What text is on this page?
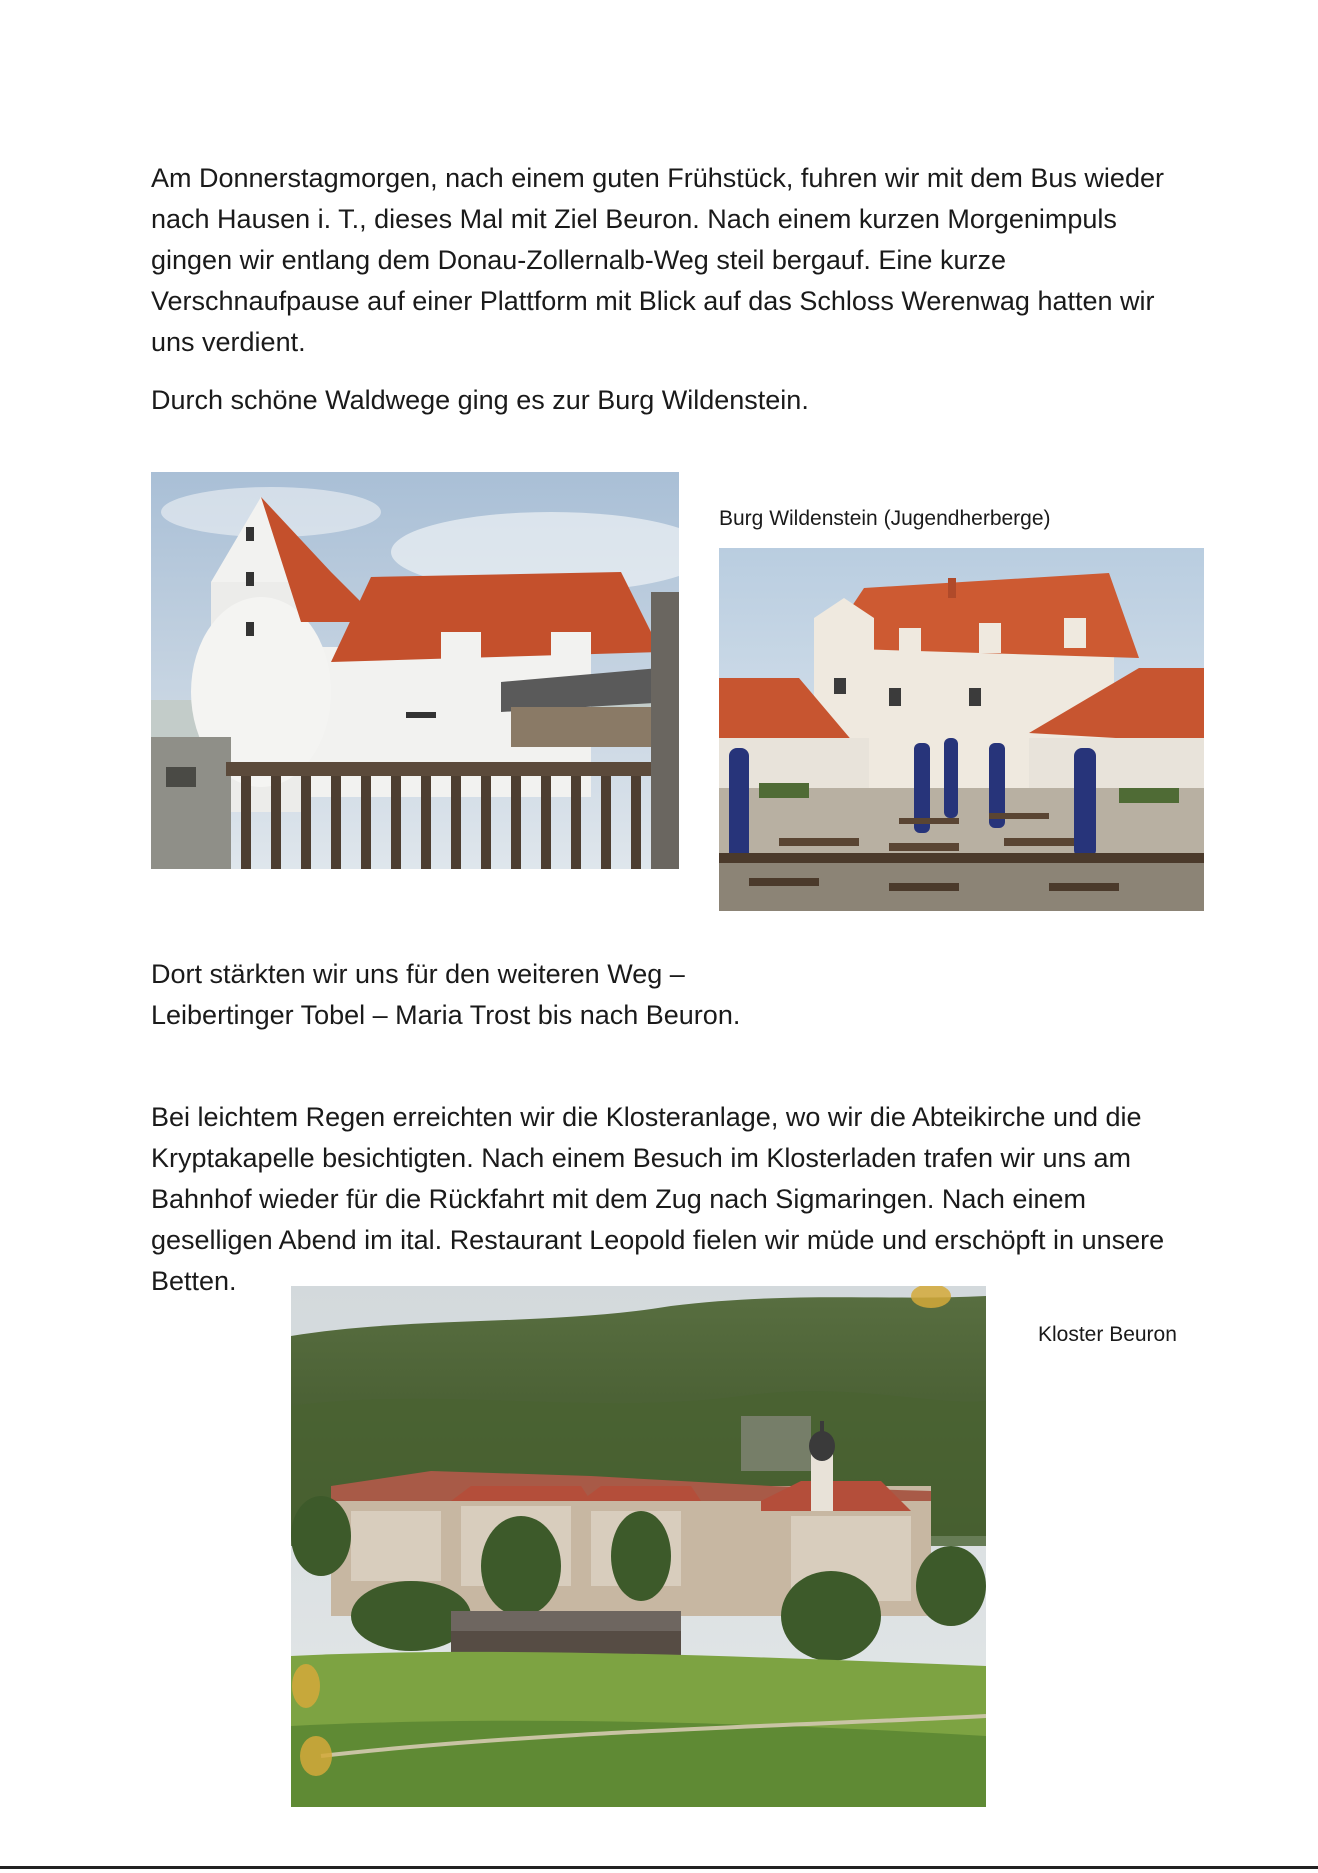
Am Donnerstagmorgen, nach einem guten Frühstück, fuhren wir mit dem Bus wieder
nach Hausen i. T., dieses Mal mit Ziel Beuron. Nach einem kurzen Morgenimpuls
gingen wir entlang dem Donau-Zollernalb-Weg steil bergauf. Eine kurze
Verschnaufpause auf einer Plattform mit Blick auf das Schloss Werenwag hatten wir
uns verdient.

Durch schöne Waldwege ging es zur Burg Wildenstein.

Burg Wildenstein (Jugendherberge)

Dort stärkten wir uns für den weiteren Weg –
Leibertinger Tobel – Maria Trost bis nach Beuron.

Bei leichtem Regen erreichten wir die Klosteranlage, wo wir die Abteikirche und die
Kryptakapelle besichtigten. Nach einem Besuch im Klosterladen trafen wir uns am
Bahnhof wieder für die Rückfahrt mit dem Zug nach Sigmaringen. Nach einem
geselligen Abend im ital. Restaurant Leopold fielen wir müde und erschöpft in unsere
Betten.

Kloster Beuron
